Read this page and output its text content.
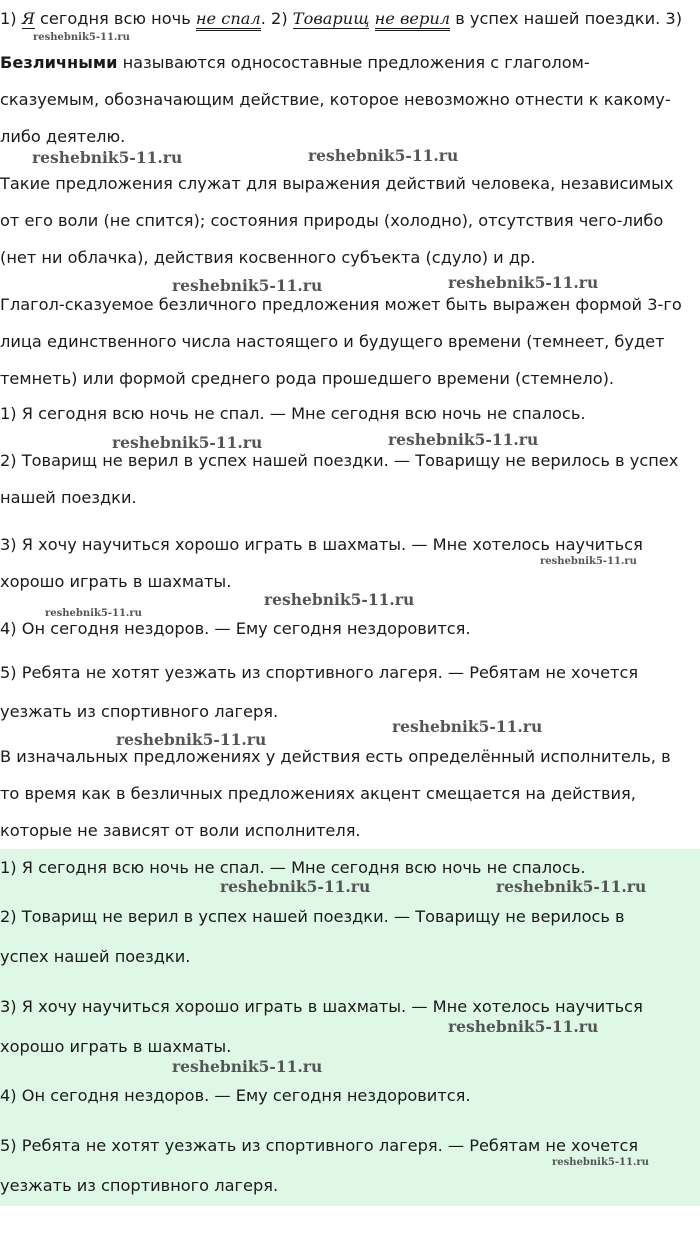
1) Я сегодня всю ночь не спал. 2) Товарищ не верил в успех нашей поездки. 3)
Безличными называются односоставные предложения с глаголом-
сказуемым, обозначающим действие, которое невозможно отнести к какому-
либо деятелю.
Такие предложения служат для выражения действий человека, независимых
от его воли (не спится); состояния природы (холодно), отсутствия чего-либо
(нет ни облачка), действия косвенного субъекта (сдуло) и др.
Глагол-сказуемое безличного предложения может быть выражен формой 3-го
лица единственного числа настоящего и будущего времени (темнеет, будет
темнеть) или формой среднего рода прошедшего времени (стемнело).
1) Я сегодня всю ночь не спал. — Мне сегодня всю ночь не спалось.
2) Товарищ не верил в успех нашей поездки. — Товарищу не верилось в успех
нашей поездки.
3) Я хочу научиться хорошо играть в шахматы. — Мне хотелось научиться
хорошо играть в шахматы.
4) Он сегодня нездоров. — Ему сегодня нездоровится.
5) Ребята не хотят уезжать из спортивного лагеря. — Ребятам не хочется
уезжать из спортивного лагеря.
В изначальных предложениях у действия есть определённый исполнитель, в
то время как в безличных предложениях акцент смещается на действия,
которые не зависят от воли исполнителя.
1) Я сегодня всю ночь не спал. — Мне сегодня всю ночь не спалось.
2) Товарищ не верил в успех нашей поездки. — Товарищу не верилось в
успех нашей поездки.
3) Я хочу научиться хорошо играть в шахматы. — Мне хотелось научиться
хорошо играть в шахматы.
4) Он сегодня нездоров. — Ему сегодня нездоровится.
5) Ребята не хотят уезжать из спортивного лагеря. — Ребятам не хочется
уезжать из спортивного лагеря.
reshebnik5-11.ru
reshebnik5-11.ru	reshebnik5-11.ru
reshebnik5-11.ru	reshebnik5-11.ru
reshebnik5-11.ru	reshebnik5-11.ru
reshebnik5-11.ru
reshebnik5-11.ru
reshebnik5-11.ru
reshebnik5-11.ru
reshebnik5-11.ru
reshebnik5-11.ru	reshebnik5-11.ru
reshebnik5-11.ru
reshebnik5-11.ru
reshebnik5-11.ru
